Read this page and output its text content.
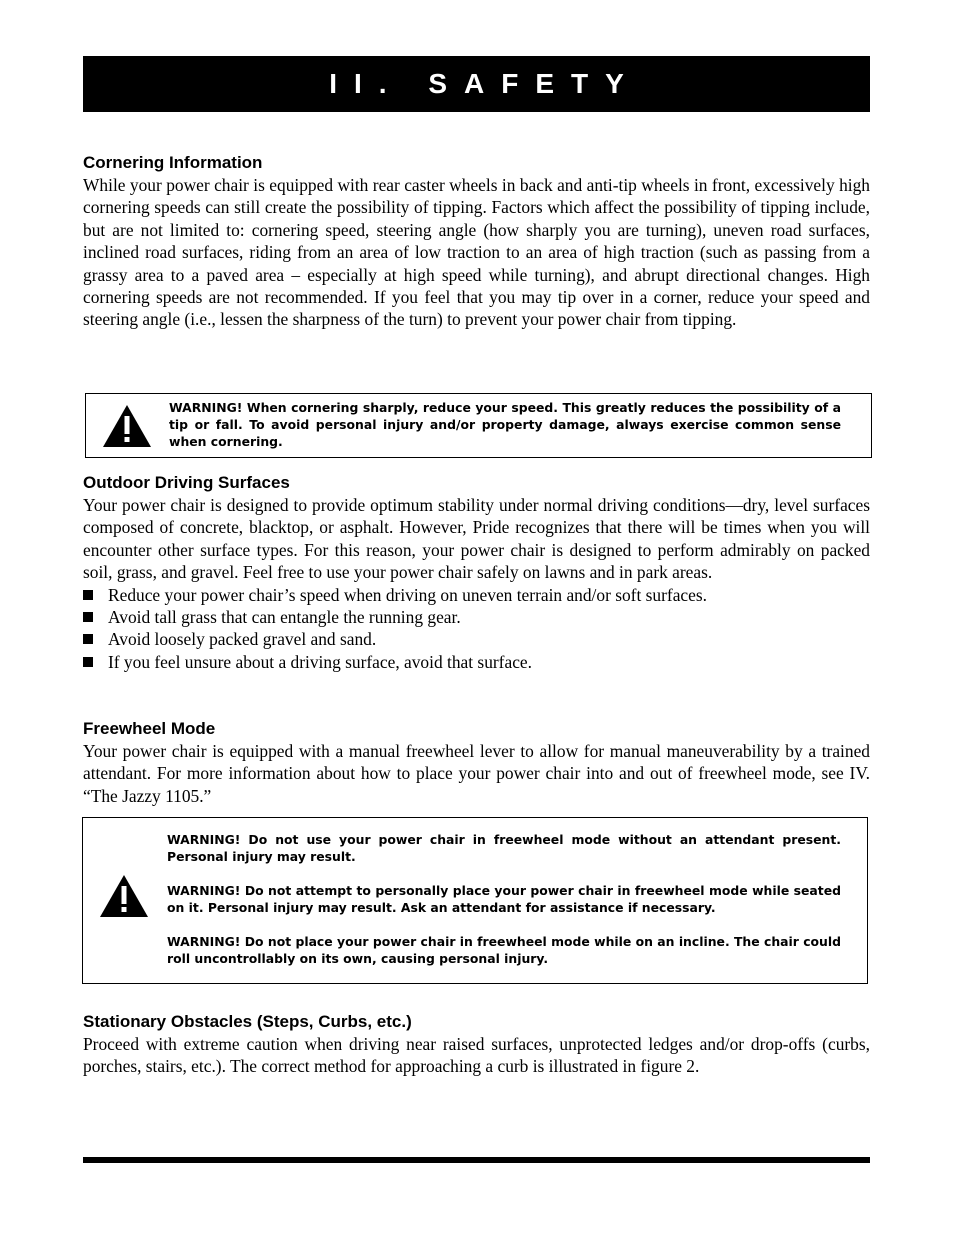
II. SAFETY
Cornering Information

While your power chair is equipped with rear caster wheels in back and anti-tip wheels in front, excessively high cornering speeds can still create the possibility of tipping. Factors which affect the possibility of tipping include, but are not limited to: cornering speed, steering angle (how sharply you are turning), uneven road surfaces, inclined road surfaces, riding from an area of low traction to an area of high traction (such as passing from a grassy area to a paved area – especially at high speed while turning), and abrupt directional changes. High cornering speeds are not recommended. If you feel that you may tip over in a corner, reduce your speed and steering angle (i.e., lessen the sharpness of the turn) to prevent your power chair from tipping.

WARNING! When cornering sharply, reduce your speed. This greatly reduces the possibility of a tip or fall. To avoid personal injury and/or property damage, always exercise common sense when cornering.

Outdoor Driving Surfaces

Your power chair is designed to provide optimum stability under normal driving conditions—dry, level surfaces composed of concrete, blacktop, or asphalt. However, Pride recognizes that there will be times when you will encounter other surface types. For this reason, your power chair is designed to perform admirably on packed soil, grass, and gravel. Feel free to use your power chair safely on lawns and in park areas.

Reduce your power chair’s speed when driving on uneven terrain and/or soft surfaces.
Avoid tall grass that can entangle the running gear.
Avoid loosely packed gravel and sand.
If you feel unsure about a driving surface, avoid that surface.
Freewheel Mode

Your power chair is equipped with a manual freewheel lever to allow for manual maneuverability by a trained attendant. For more information about how to place your power chair into and out of freewheel mode, see IV. “The Jazzy 1105.”

WARNING! Do not use your power chair in freewheel mode without an attendant present. Personal injury may result.

WARNING! Do not attempt to personally place your power chair in freewheel mode while seated on it. Personal injury may result. Ask an attendant for assistance if necessary.

WARNING! Do not place your power chair in freewheel mode while on an incline. The chair could roll uncontrollably on its own, causing personal injury.

Stationary Obstacles (Steps, Curbs, etc.)

Proceed with extreme caution when driving near raised surfaces, unprotected ledges and/or drop-offs (curbs, porches, stairs, etc.). The correct method for approaching a curb is illustrated in figure 2.
